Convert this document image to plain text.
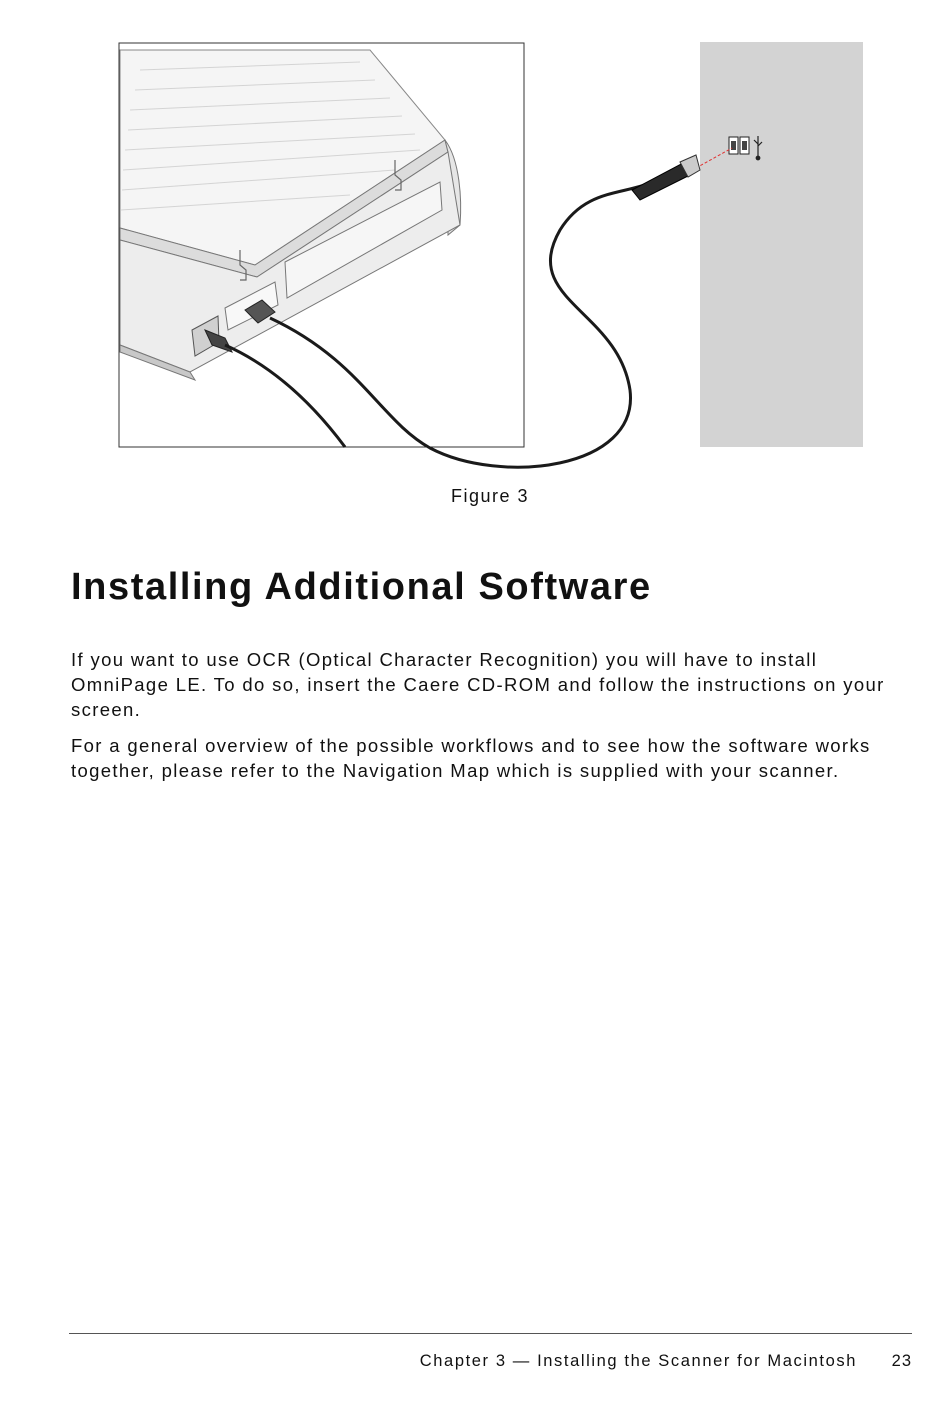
Figure 3
Installing Additional Software

If you want to use OCR (Optical Character Recognition) you will have to install OmniPage LE. To do so, insert the Caere CD-ROM and follow the instructions on your screen.

For a general overview of the possible workflows and to see how the software works together, please refer to the Navigation Map which is supplied with your scanner.

Chapter 3 — Installing the Scanner for Macintosh 23
